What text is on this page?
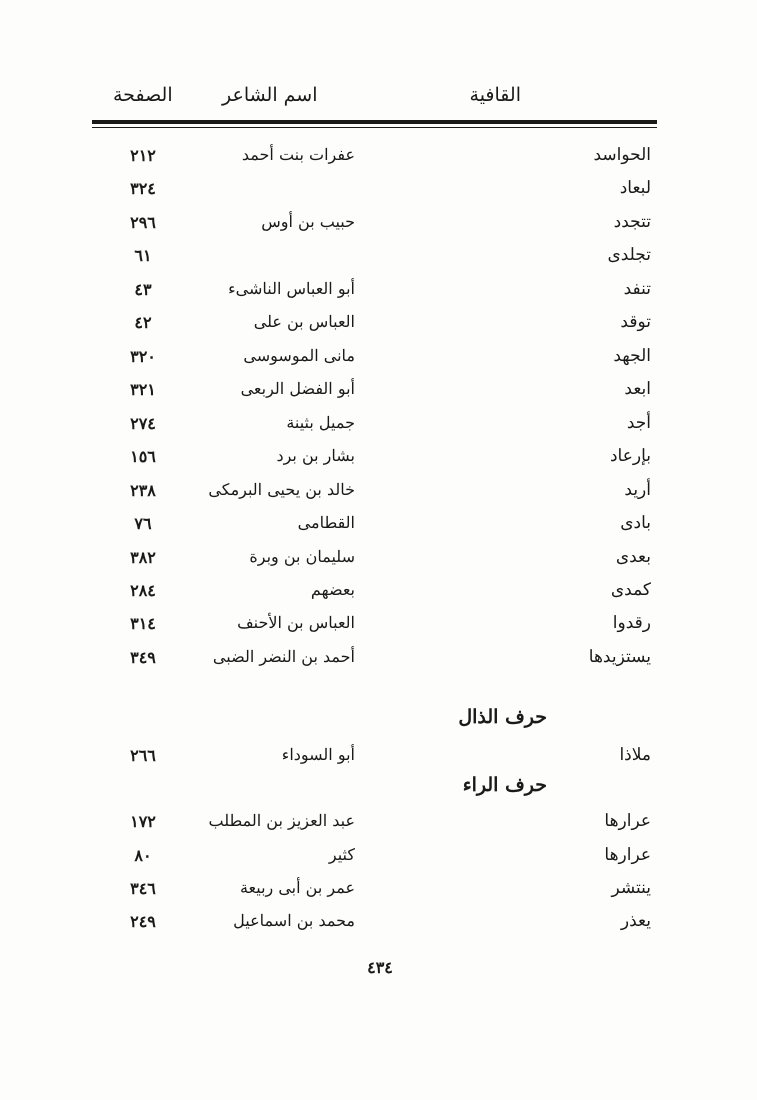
القافية
اسم الشاعر
الصفحة
الحواسد
عفرات بنت أحمد
٢١٢
لبعاد
٣٢٤
تتجدد
حبيب بن أوس
٢٩٦
تجلدى
٦١
تنفد
أبو العباس الناشىء
٤٣
توقد
العباس بن على
٤٢
الجهد
مانى الموسوسى
٣٢٠
ابعد
أبو الفضل الربعى
٣٢١
أجد
جميل بثينة
٢٧٤
بإرعاد
بشار بن برد
١٥٦
أريد
خالد بن يحيى البرمكى
٢٣٨
بادى
القطامى
٧٦
بعدى
سليمان بن وبرة
٣٨٢
كمدى
بعضهم
٢٨٤
رقدوا
العباس بن الأحنف
٣١٤
يستزيدها
أحمد بن النضر الضبى
٣٤٩
حرف الذال
ملاذا
أبو السوداء
٢٦٦
حرف الراء
عرارها
عبد العزيز بن المطلب
١٧٢
عرارها
كثير
٨٠
ينتشر
عمر بن أبى ربيعة
٣٤٦
يعذر
محمد بن اسماعيل
٢٤٩
٤٣٤
